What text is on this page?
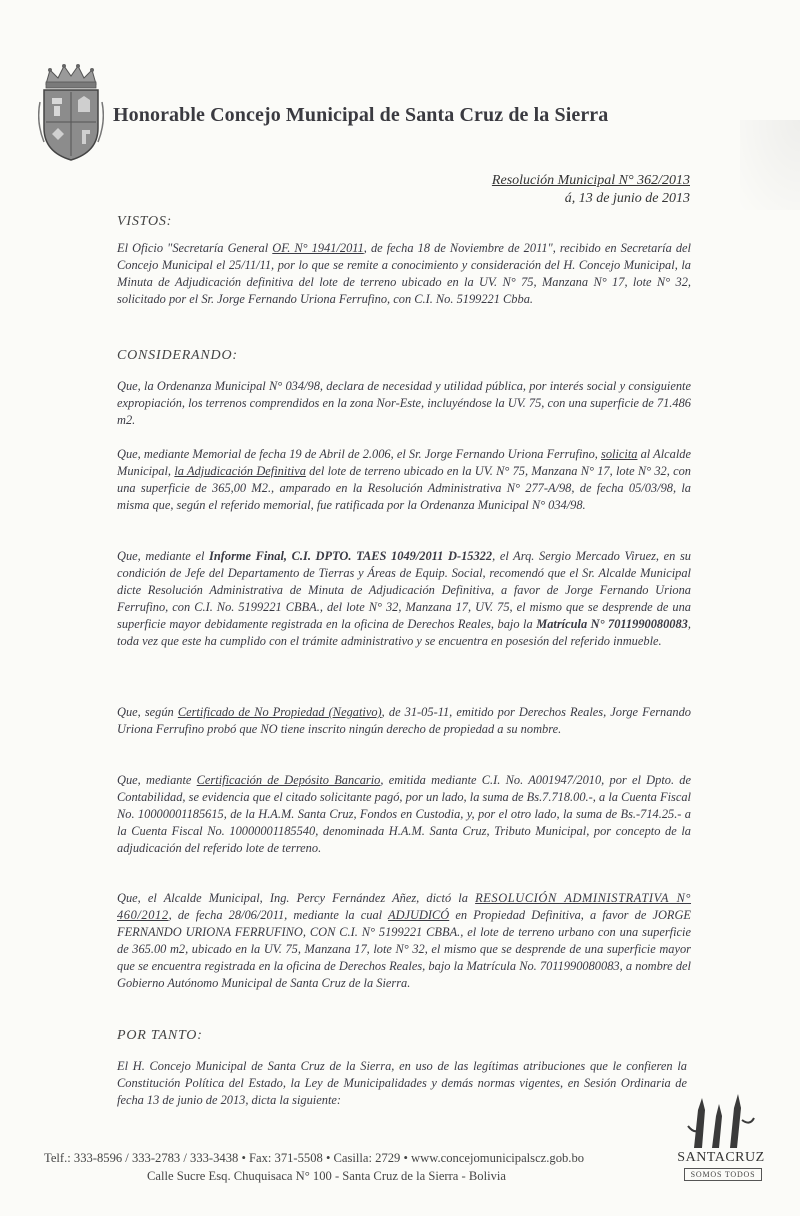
Honorable Concejo Municipal de Santa Cruz de la Sierra
Resolución Municipal N° 362/2013
á, 13 de junio de 2013
VISTOS:

El Oficio "Secretaría General OF. N° 1941/2011, de fecha 18 de Noviembre de 2011", recibido en Secretaría del Concejo Municipal el 25/11/11, por lo que se remite a conocimiento y consideración del H. Concejo Municipal, la Minuta de Adjudicación definitiva del lote de terreno ubicado en la UV. N° 75, Manzana N° 17, lote N° 32, solicitado por el Sr. Jorge Fernando Uriona Ferrufino, con C.I. No. 5199221 Cbba.

CONSIDERANDO:

Que, la Ordenanza Municipal N° 034/98, declara de necesidad y utilidad pública, por interés social y consiguiente expropiación, los terrenos comprendidos en la zona Nor-Este, incluyéndose la UV. 75, con una superficie de 71.486 m2.

Que, mediante Memorial de fecha 19 de Abril de 2.006, el Sr. Jorge Fernando Uriona Ferrufino, solicita al Alcalde Municipal, la Adjudicación Definitiva del lote de terreno ubicado en la UV. N° 75, Manzana N° 17, lote N° 32, con una superficie de 365,00 M2., amparado en la Resolución Administrativa N° 277-A/98, de fecha 05/03/98, la misma que, según el referido memorial, fue ratificada por la Ordenanza Municipal N° 034/98.

Que, mediante el Informe Final, C.I. DPTO. TAES 1049/2011 D-15322, el Arq. Sergio Mercado Viruez, en su condición de Jefe del Departamento de Tierras y Áreas de Equip. Social, recomendó que el Sr. Alcalde Municipal dicte Resolución Administrativa de Minuta de Adjudicación Definitiva, a favor de Jorge Fernando Uriona Ferrufino, con C.I. No. 5199221 CBBA., del lote N° 32, Manzana 17, UV. 75, el mismo que se desprende de una superficie mayor debidamente registrada en la oficina de Derechos Reales, bajo la Matrícula N° 7011990080083, toda vez que este ha cumplido con el trámite administrativo y se encuentra en posesión del referido inmueble.

Que, según Certificado de No Propiedad (Negativo), de 31-05-11, emitido por Derechos Reales, Jorge Fernando Uriona Ferrufino probó que NO tiene inscrito ningún derecho de propiedad a su nombre.

Que, mediante Certificación de Depósito Bancario, emitida mediante C.I. No. A001947/2010, por el Dpto. de Contabilidad, se evidencia que el citado solicitante pagó, por un lado, la suma de Bs.7.718.00.-, a la Cuenta Fiscal No. 10000001185615, de la H.A.M. Santa Cruz, Fondos en Custodia, y, por el otro lado, la suma de Bs.-714.25.- a la Cuenta Fiscal No. 10000001185540, denominada H.A.M. Santa Cruz, Tributo Municipal, por concepto de la adjudicación del referido lote de terreno.

Que, el Alcalde Municipal, Ing. Percy Fernández Añez, dictó la RESOLUCIÓN ADMINISTRATIVA N° 460/2012, de fecha 28/06/2011, mediante la cual ADJUDICÓ en Propiedad Definitiva, a favor de JORGE FERNANDO URIONA FERRUFINO, CON C.I. N° 5199221 CBBA., el lote de terreno urbano con una superficie de 365.00 m2, ubicado en la UV. 75, Manzana 17, lote N° 32, el mismo que se desprende de una superficie mayor que se encuentra registrada en la oficina de Derechos Reales, bajo la Matrícula No. 7011990080083, a nombre del Gobierno Autónomo Municipal de Santa Cruz de la Sierra.

POR TANTO:

El H. Concejo Municipal de Santa Cruz de la Sierra, en uso de las legítimas atribuciones que le confieren la Constitución Política del Estado, la Ley de Municipalidades y demás normas vigentes, en Sesión Ordinaria de fecha 13 de junio de 2013, dicta la siguiente:

Telf.: 333-8596 / 333-2783 / 333-3438 • Fax: 371-5508 • Casilla: 2729 • www.concejomunicipalscz.gob.bo
Calle Sucre Esq. Chuquisaca N° 100 - Santa Cruz de la Sierra - Bolivia
SANTACRUZ
SOMOS TODOS
